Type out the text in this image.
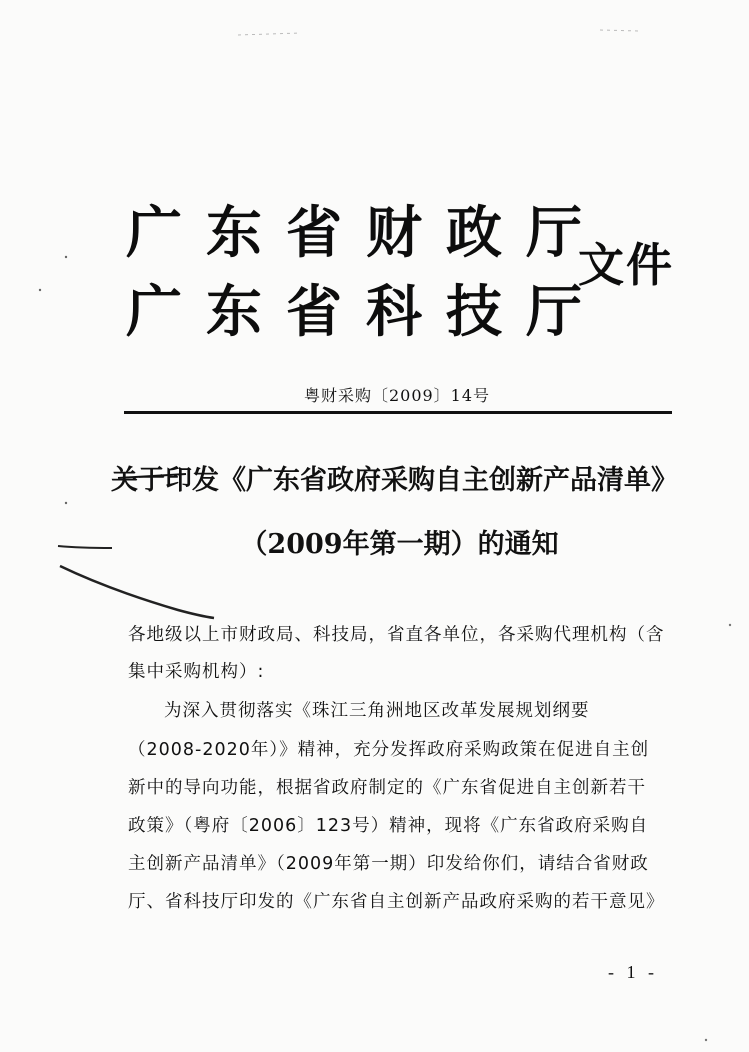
广东省财政厅
广东省科技厅
文件
粤财采购〔2009〕14号
关于印发《广东省政府采购自主创新产品清单》
（2009年第一期）的通知
各地级以上市财政局、科技局，省直各单位，各采购代理机构（含
集中采购机构）:
为深入贯彻落实《珠江三角洲地区改革发展规划纲要
（2008-2020年）》精神，充分发挥政府采购政策在促进自主创
新中的导向功能，根据省政府制定的《广东省促进自主创新若干
政策》（粤府〔2006〕123号）精神，现将《广东省政府采购自
主创新产品清单》（2009年第一期）印发给你们，请结合省财政
厅、省科技厅印发的《广东省自主创新产品政府采购的若干意见》
- 1 -
